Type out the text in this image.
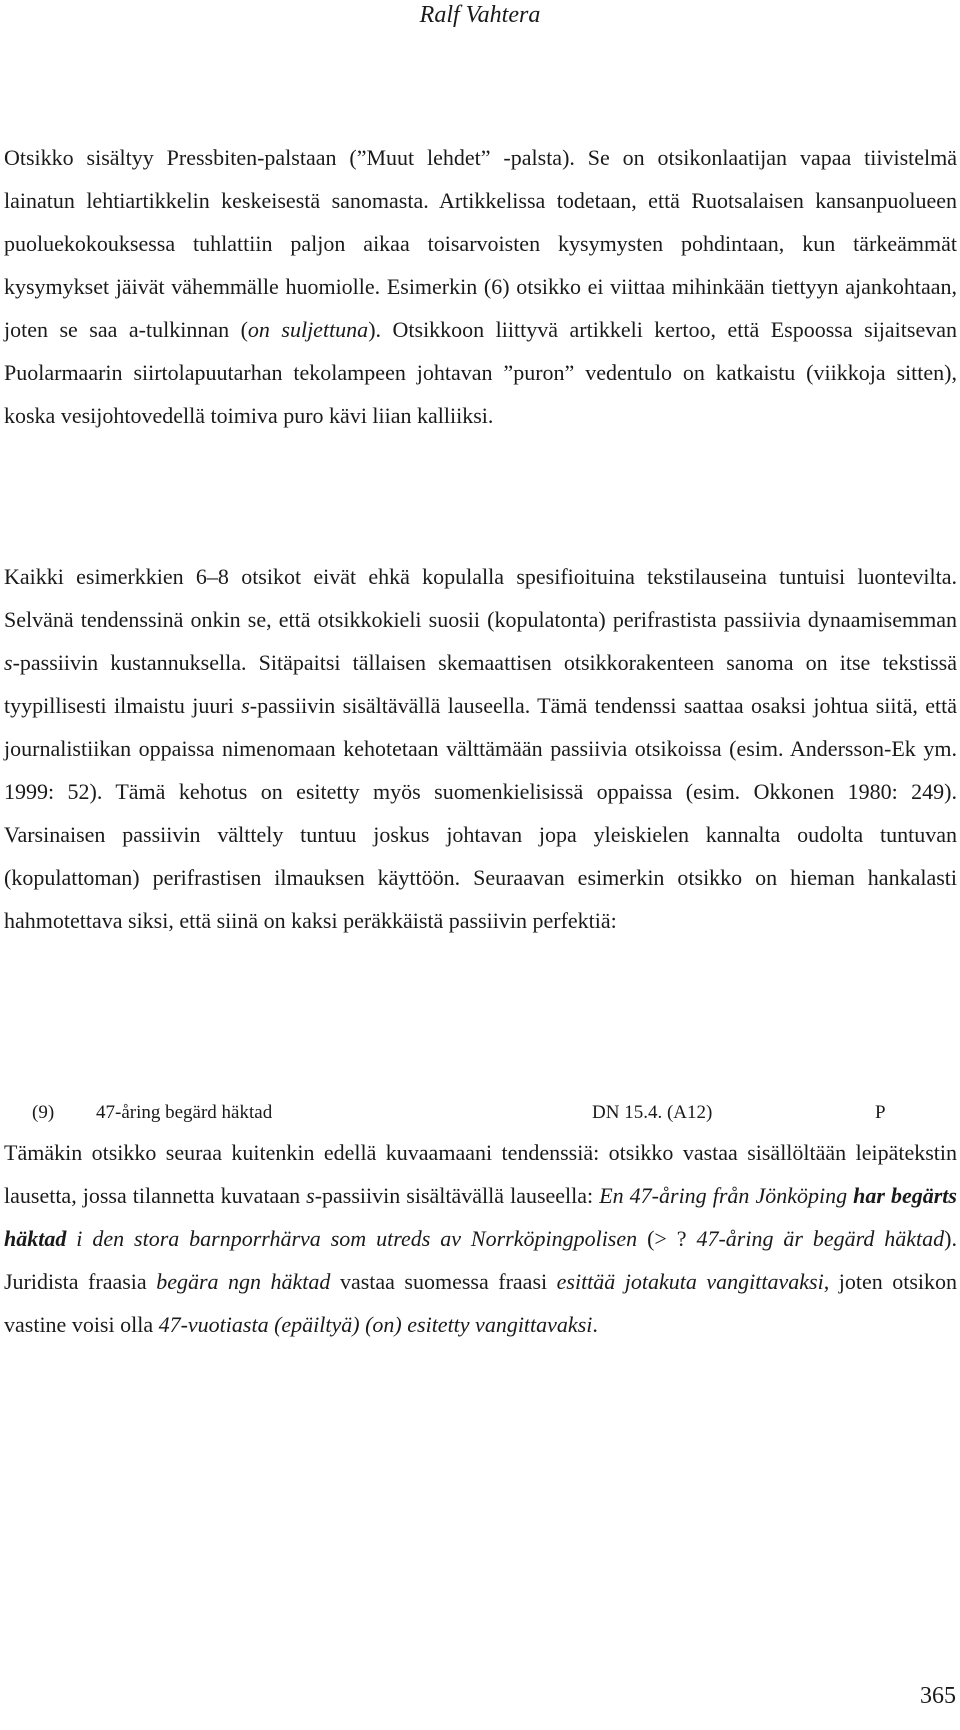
Ralf Vahtera

Otsikko sisältyy Pressbiten-palstaan (”Muut lehdet” -palsta). Se on otsikonlaatijan vapaa tiivistelmä lainatun lehtiartikkelin keskeisestä sanomasta. Artikkelissa todetaan, että Ruotsalaisen kansanpuolueen puoluekokouksessa tuhlattiin paljon aikaa toisarvoisten kysymysten pohdintaan, kun tärkeämmät kysymykset jäivät vähemmälle huomiolle. Esimerkin (6) otsikko ei viittaa mihinkään tiettyyn ajankohtaan, joten se saa a-tulkinnan (on suljettuna). Otsikkoon liittyvä artikkeli kertoo, että Espoossa sijaitsevan Puolarmaarin siirtolapuutarhan tekolampeen johtavan ”puron” vedentulo on katkaistu (viikkoja sitten), koska vesijohtovedellä toimiva puro kävi liian kalliiksi.

Kaikki esimerkkien 6–8 otsikot eivät ehkä kopulalla spesifioituina tekstilauseina tuntuisi luontevilta. Selvänä tendenssinä onkin se, että otsikkokieli suosii (kopulatonta) perifrastista passiivia dynaamisemman s-passiivin kustannuksella. Sitäpaitsi tällaisen skemaattisen otsikkorakenteen sanoma on itse tekstissä tyypillisesti ilmaistu juuri s-passiivin sisältävällä lauseella. Tämä tendenssi saattaa osaksi johtua siitä, että journalistiikan oppaissa nimenomaan kehotetaan välttämään passiivia otsikoissa (esim. Andersson-Ek ym. 1999: 52). Tämä kehotus on esitetty myös suomenkielisissä oppaissa (esim. Okkonen 1980: 249). Varsinaisen passiivin välttely tuntuu joskus johtavan jopa yleiskielen kannalta oudolta tuntuvan (kopulattoman) perifrastisen ilmauksen käyttöön. Seuraavan esimerkin otsikko on hieman hankalasti hahmotettava siksi, että siinä on kaksi peräkkäistä passiivin perfektiä:

(9) 47-åring begärd häktad	DN 15.4. (A12)	P

Tämäkin otsikko seuraa kuitenkin edellä kuvaamaani tendenssiä: otsikko vastaa sisällöltään leipätekstin lausetta, jossa tilannetta kuvataan s-passiivin sisältävällä lauseella: En 47-åring från Jönköping har begärts häktad i den stora barnporrhärva som utreds av Norrköpingpolisen (> ? 47-åring är begärd häktad). Juridista fraasia begära ngn häktad vastaa suomessa fraasi esittää jotakuta vangittavaksi, joten otsikon vastine voisi olla 47-vuotiasta (epäiltyä) (on) esitetty vangittavaksi.

365
